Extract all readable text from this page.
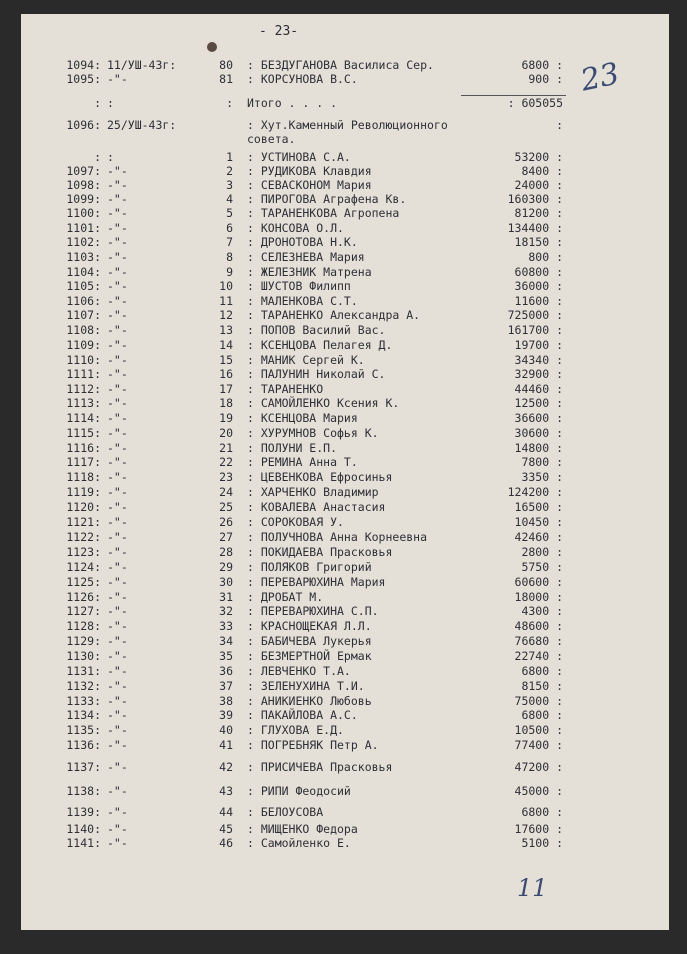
- 23-
1094: 11/УШ-43г:	80 : БЕЗДУГАНОВА Василиса Сер.	6800 :
1095: -"-	81 : КОРСУНОВА В.С.	900 :
: :	: Итого . . . .	: 605055
1096: 25/УШ-43г:	: Хут.Каменный Революционного	:
совета.
: :	1 : УСТИНОВА С.А.	53200 :
1097: -"-	2 : РУДИКОВА Клавдия	8400 :
1098: -"-	3 : СЕВАСКОНОМ Мария	24000 :
1099: -"-	4 : ПИРОГОВА Аграфена Кв.	160300 :
1100: -"-	5 : ТАРАНЕНКОВА Агропена	81200 :
1101: -"-	6 : КОНСОВА О.Л.	134400 :
1102: -"-	7 : ДРОНОТОВА Н.К.	18150 :
1103: -"-	8 : СЕЛЕЗНЕВА Мария	800 :
1104: -"-	9 : ЖЕЛЕЗНИК Матрена	60800 :
1105: -"-	10 : ШУСТОВ Филипп	36000 :
1106: -"-	11 : МАЛЕНКОВА С.Т.	11600 :
1107: -"-	12 : ТАРАНЕНКО Александра А.	725000 :
1108: -"-	13 : ПОПОВ Василий Вас.	161700 :
1109: -"-	14 : КСЕНЦОВА Пелагея Д.	19700 :
1110: -"-	15 : МАНИК Сергей К.	34340 :
1111: -"-	16 : ПАЛУНИН Николай С.	32900 :
1112: -"-	17 : ТАРАНЕНКО	44460 :
1113: -"-	18 : САМОЙЛЕНКО Ксения К.	12500 :
1114: -"-	19 : КСЕНЦОВА Мария	36600 :
1115: -"-	20 : ХУРУМНОВ Софья К.	30600 :
1116: -"-	21 : ПОЛУНИ Е.П.	14800 :
1117: -"-	22 : РЕМИНА Анна Т.	7800 :
1118: -"-	23 : ЦЕВЕНКОВА Ефросинья	3350 :
1119: -"-	24 : ХАРЧЕНКО Владимир	124200 :
1120: -"-	25 : КОВАЛЕВА Анастасия	16500 :
1121: -"-	26 : СОРОКОВАЯ У.	10450 :
1122: -"-	27 : ПОЛУЧНОВА Анна Корнеевна	42460 :
1123: -"-	28 : ПОКИДАЕВА Прасковья	2800 :
1124: -"-	29 : ПОЛЯКОВ Григорий	5750 :
1125: -"-	30 : ПЕРЕВАРЮХИНА Мария	60600 :
1126: -"-	31 : ДРОБАТ М.	18000 :
1127: -"-	32 : ПЕРЕВАРЮХИНА С.П.	4300 :
1128: -"-	33 : КРАСНОЩЕКАЯ Л.Л.	48600 :
1129: -"-	34 : БАБИЧЕВА Лукерья	76680 :
1130: -"-	35 : БЕЗМЕРТНОЙ Ермак	22740 :
1131: -"-	36 : ЛЕВЧЕНКО Т.А.	6800 :
1132: -"-	37 : ЗЕЛЕНУХИНА Т.И.	8150 :
1133: -"-	38 : АНИКИЕНКО Любовь	75000 :
1134: -"-	39 : ПАКАЙЛОВА А.С.	6800 :
1135: -"-	40 : ГЛУХОВА Е.Д.	10500 :
1136: -"-	41 : ПОГРЕБНЯК Петр А.	77400 :
1137: -"-	42 : ПРИСИЧЕВА Прасковья	47200 :
1138: -"-	43 : РИПИ Феодосий	45000 :
1139: -"-	44 : БЕЛОУСОВА	6800 :
1140: -"-	45 : МИЩЕНКО Федора	17600 :
1141: -"-	46 : Самойленко Е.	5100 :
23
11
